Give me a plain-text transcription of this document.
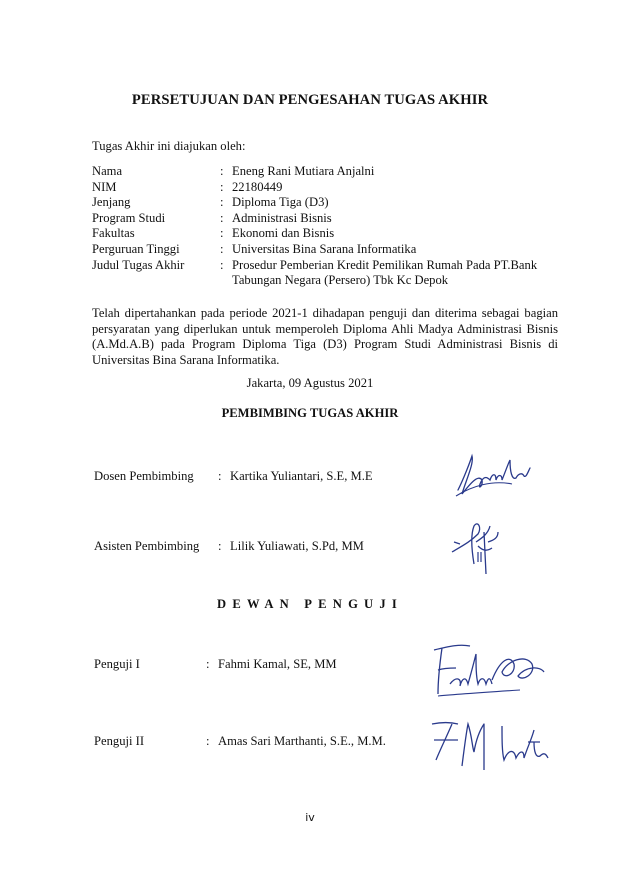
PERSETUJUAN DAN PENGESAHAN TUGAS AKHIR
Tugas Akhir ini diajukan oleh:
Nama	: Eneng Rani Mutiara Anjalni
NIM	: 22180449
Jenjang	: Diploma Tiga (D3)
Program Studi	: Administrasi Bisnis
Fakultas	: Ekonomi dan Bisnis
Perguruan Tinggi	: Universitas Bina Sarana Informatika
Judul Tugas Akhir	: Prosedur Pemberian Kredit Pemilikan Rumah Pada PT.Bank Tabungan Negara (Persero) Tbk Kc Depok
Telah dipertahankan pada periode 2021-1 dihadapan penguji dan diterima sebagai bagian persyaratan yang diperlukan untuk memperoleh Diploma Ahli Madya Administrasi Bisnis (A.Md.A.B) pada Program Diploma Tiga (D3) Program Studi Administrasi Bisnis di Universitas Bina Sarana Informatika.
Jakarta, 09 Agustus 2021
PEMBIMBING TUGAS AKHIR
Dosen Pembimbing	: Kartika Yuliantari, S.E, M.E
Asisten Pembimbing	: Lilik Yuliawati, S.Pd, MM
DEWAN PENGUJI
Penguji I	: Fahmi Kamal, SE, MM
Penguji II	: Amas Sari Marthanti, S.E., M.M.
iv
